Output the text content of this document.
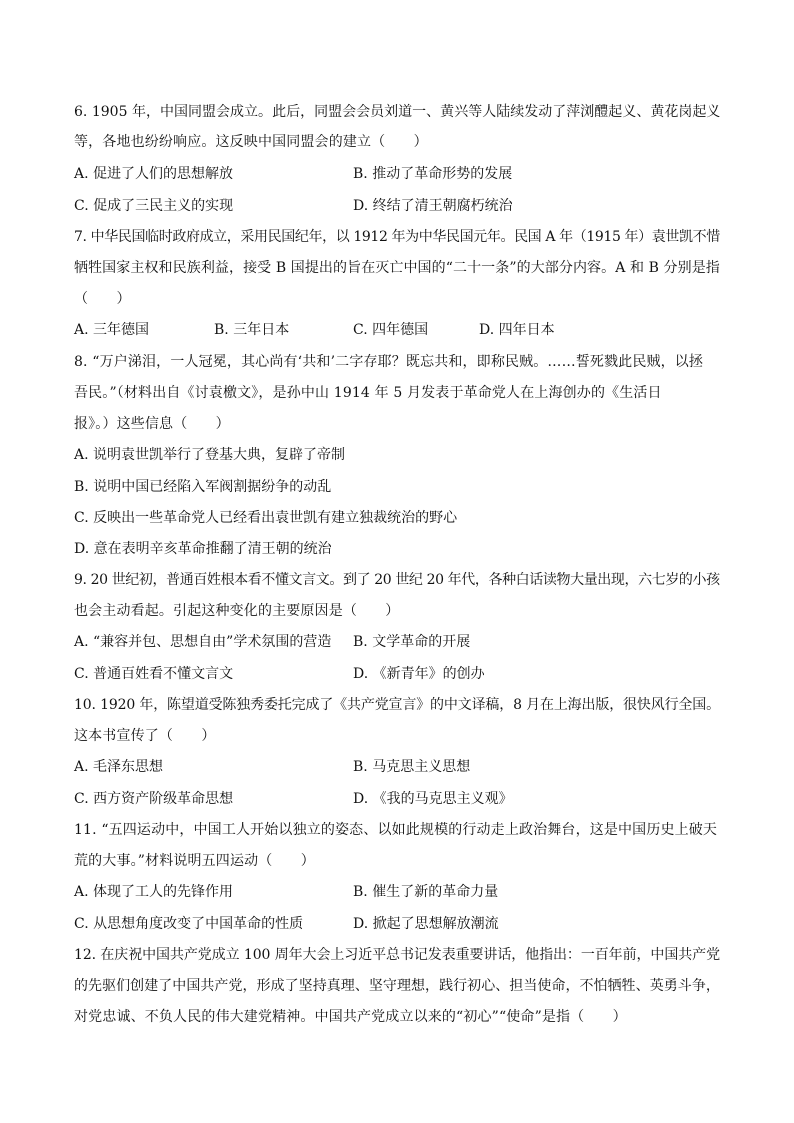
6. 1905 年，中国同盟会成立。此后，同盟会会员刘道一、黄兴等人陆续发动了萍浏醴起义、黄花岗起义
等，各地也纷纷响应。这反映中国同盟会的建立（　　）
A. 促进了人们的思想解放	B. 推动了革命形势的发展
C. 促成了三民主义的实现	D. 终结了清王朝腐朽统治
7. 中华民国临时政府成立，采用民国纪年，以 1912 年为中华民国元年。民国 A 年（1915 年）袁世凯不惜
牺牲国家主权和民族利益，接受 B 国提出的旨在灭亡中国的“二十一条”的大部分内容。A 和 B 分别是指
（　　）
A. 三年德国	B. 三年日本	C. 四年德国	D. 四年日本
8. “万户涕泪，一人冠冕，其心尚有‘共和’二字存耶？既忘共和，即称民贼。……誓死戮此民贼，以拯
吾民。”（材料出自《讨袁檄文》，是孙中山 1914 年 5 月发表于革命党人在上海创办的《生活日
报》。）这些信息（　　）
A. 说明袁世凯举行了登基大典，复辟了帝制
B. 说明中国已经陷入军阀割据纷争的动乱
C. 反映出一些革命党人已经看出袁世凯有建立独裁统治的野心
D. 意在表明辛亥革命推翻了清王朝的统治
9. 20 世纪初，普通百姓根本看不懂文言文。到了 20 世纪 20 年代，各种白话读物大量出现，六七岁的小孩
也会主动看起。引起这种变化的主要原因是（　　）
A. “兼容并包、思想自由”学术氛围的营造 B. 文学革命的开展
C. 普通百姓看不懂文言文	D. 《新青年》的创办
10. 1920 年，陈望道受陈独秀委托完成了《共产党宣言》的中文译稿，8 月在上海出版，很快风行全国。
这本书宣传了（　　）
A. 毛泽东思想	B. 马克思主义思想
C. 西方资产阶级革命思想	D. 《我的马克思主义观》
11. “五四运动中，中国工人开始以独立的姿态、以如此规模的行动走上政治舞台，这是中国历史上破天
荒的大事。”材料说明五四运动（　　）
A. 体现了工人的先锋作用	B. 催生了新的革命力量
C. 从思想角度改变了中国革命的性质	D. 掀起了思想解放潮流
12. 在庆祝中国共产党成立 100 周年大会上习近平总书记发表重要讲话，他指出：一百年前，中国共产党
的先驱们创建了中国共产党，形成了坚持真理、坚守理想，践行初心、担当使命，不怕牺牲、英勇斗争，
对党忠诚、不负人民的伟大建党精神。中国共产党成立以来的“初心”“使命”是指（　　）
